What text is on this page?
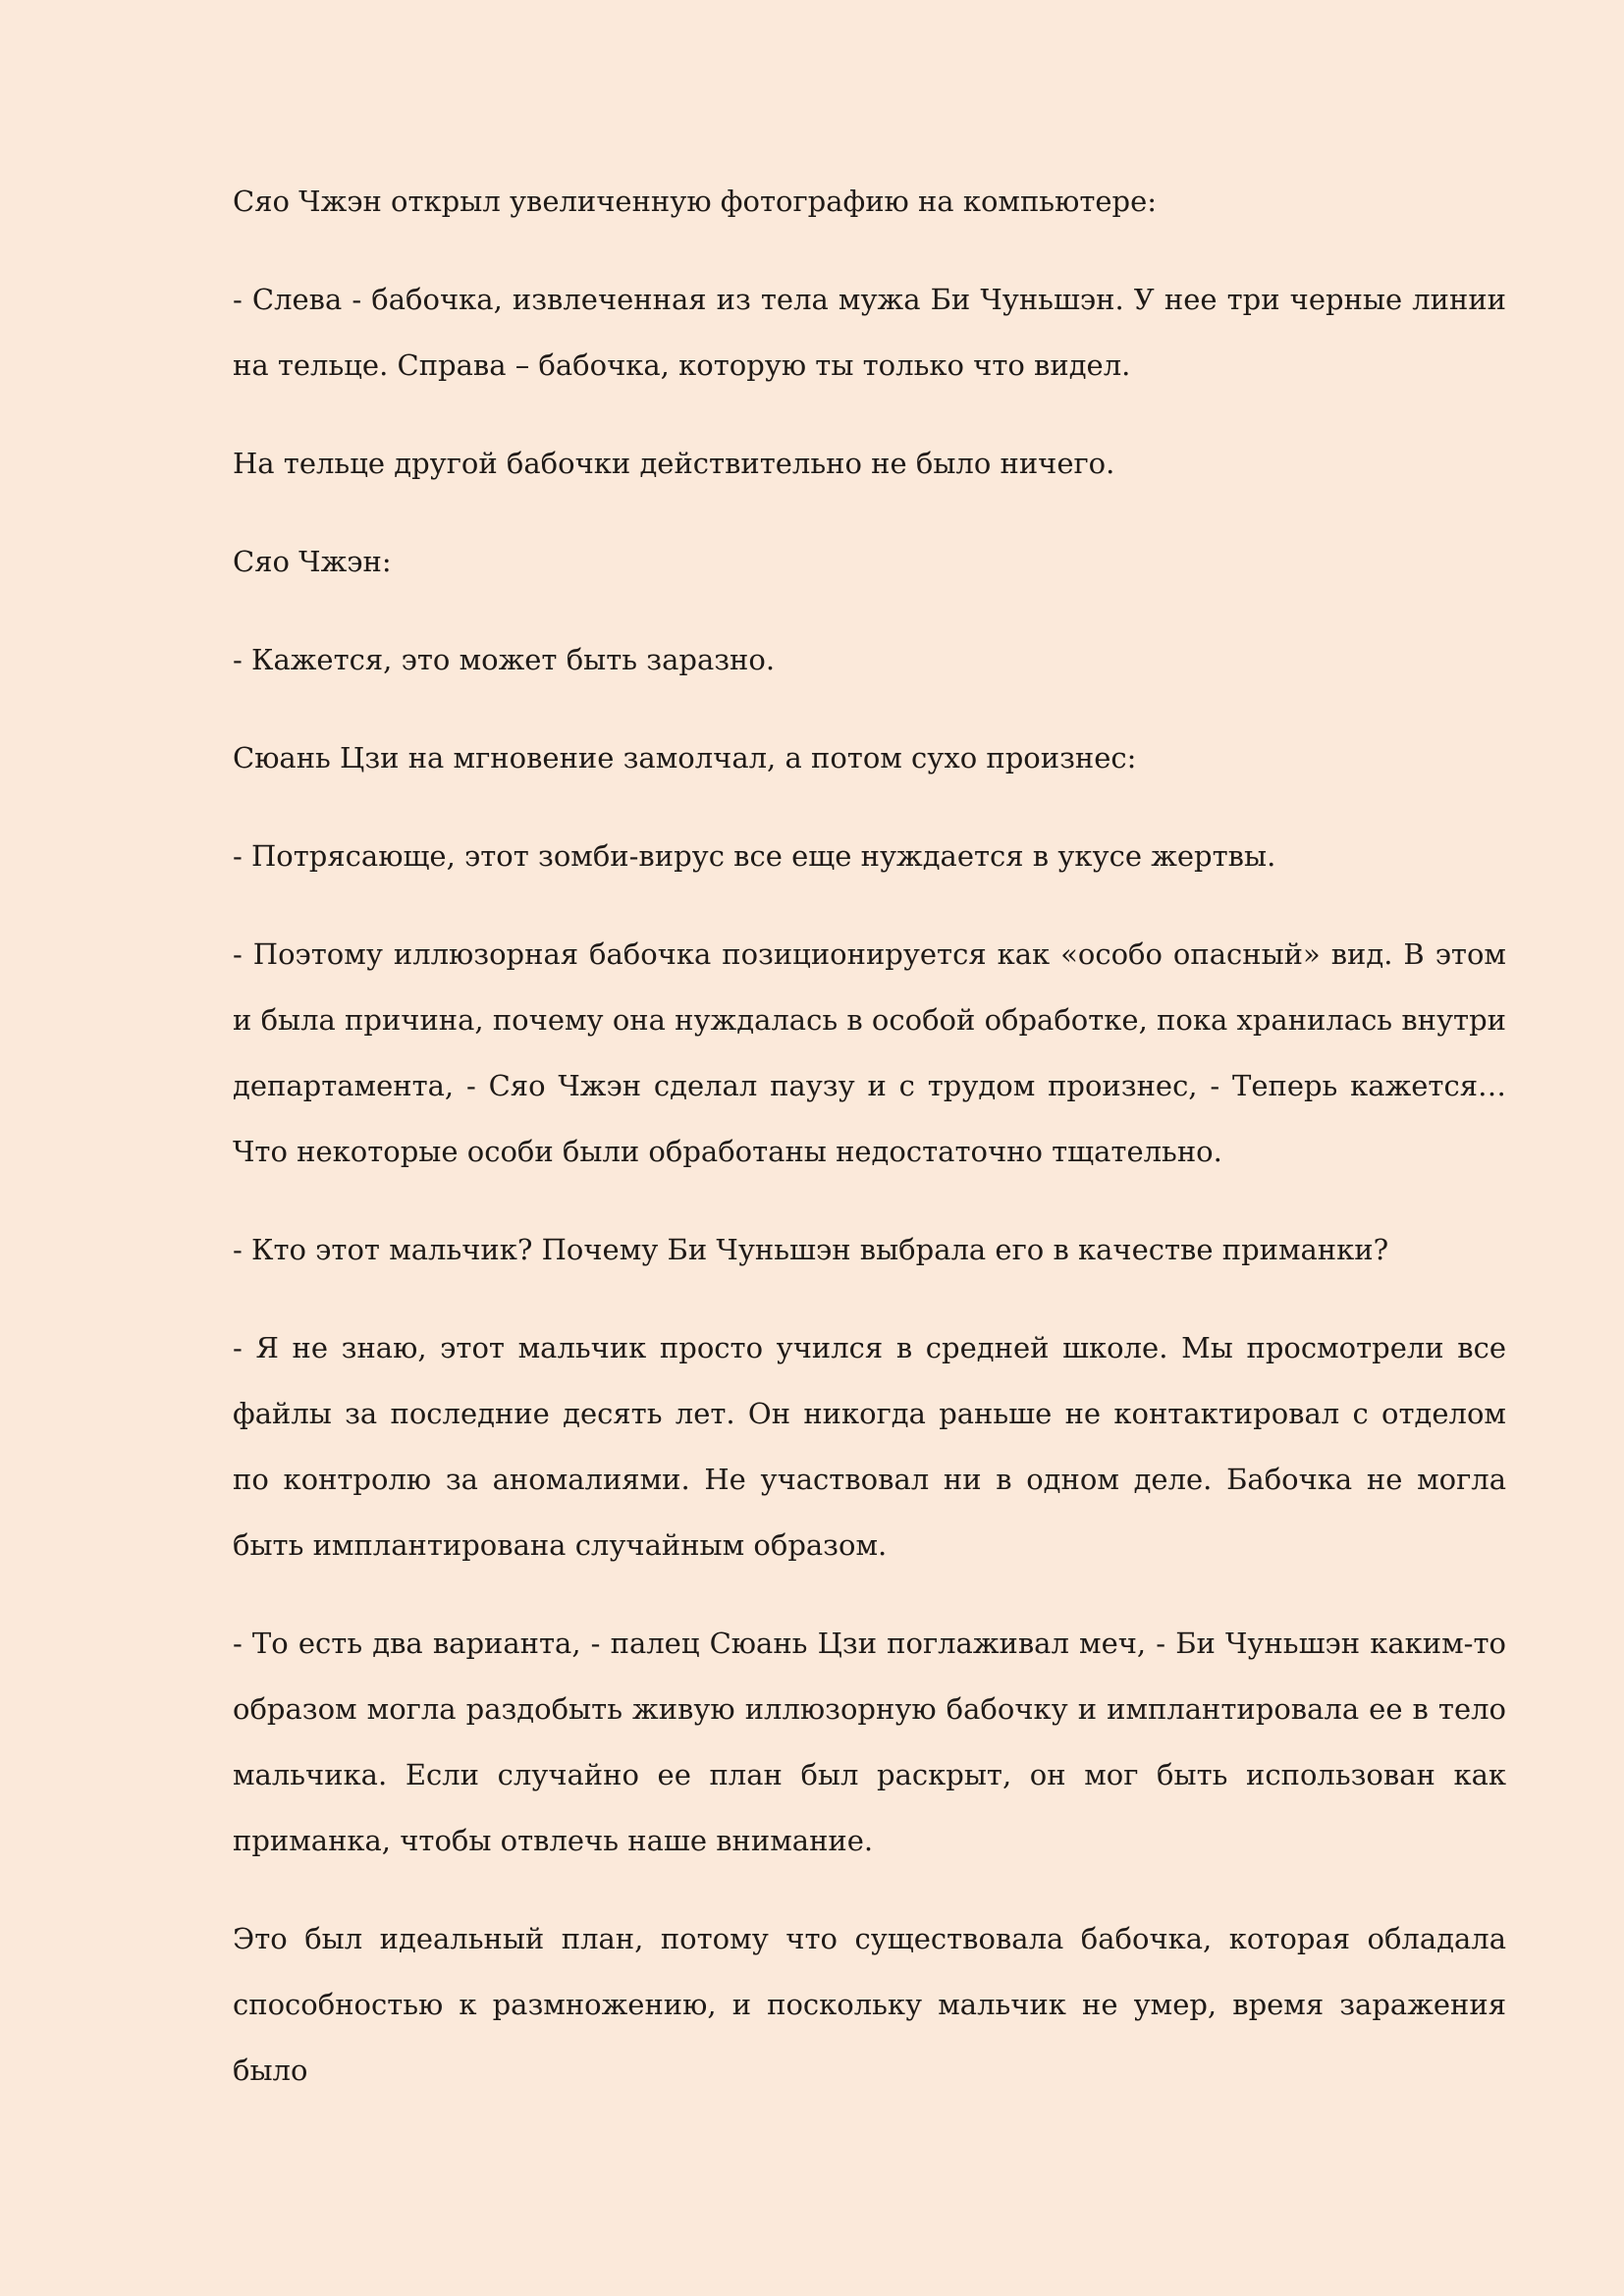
Сяо Чжэн открыл увеличенную фотографию на компьютере:

- Слева - бабочка, извлеченная из тела мужа Би Чуньшэн. У нее три черные линии на тельце. Справа – бабочка, которую ты только что видел.

На тельце другой бабочки действительно не было ничего.

Сяо Чжэн:

- Кажется, это может быть заразно.

Сюань Цзи на мгновение замолчал, а потом сухо произнес:

- Потрясающе, этот зомби-вирус все еще нуждается в укусе жертвы.

- Поэтому иллюзорная бабочка позиционируется как «особо опасный» вид. В этом и была причина, почему она нуждалась в особой обработке, пока хранилась внутри департамента, - Сяо Чжэн сделал паузу и с трудом произнес, - Теперь кажется… Что некоторые особи были обработаны недостаточно тщательно.

- Кто этот мальчик? Почему Би Чуньшэн выбрала его в качестве приманки?

- Я не знаю, этот мальчик просто учился в средней школе. Мы просмотрели все файлы за последние десять лет. Он никогда раньше не контактировал с отделом по контролю за аномалиями. Не участвовал ни в одном деле. Бабочка не могла быть имплантирована случайным образом.

- То есть два варианта, - палец Сюань Цзи поглаживал меч, - Би Чуньшэн каким-то образом могла раздобыть живую иллюзорную бабочку и имплантировала ее в тело мальчика. Если случайно ее план был раскрыт, он мог быть использован как приманка, чтобы отвлечь наше внимание.

Это был идеальный план, потому что существовала бабочка, которая обладала способностью к размножению, и поскольку мальчик не умер, время заражения было
